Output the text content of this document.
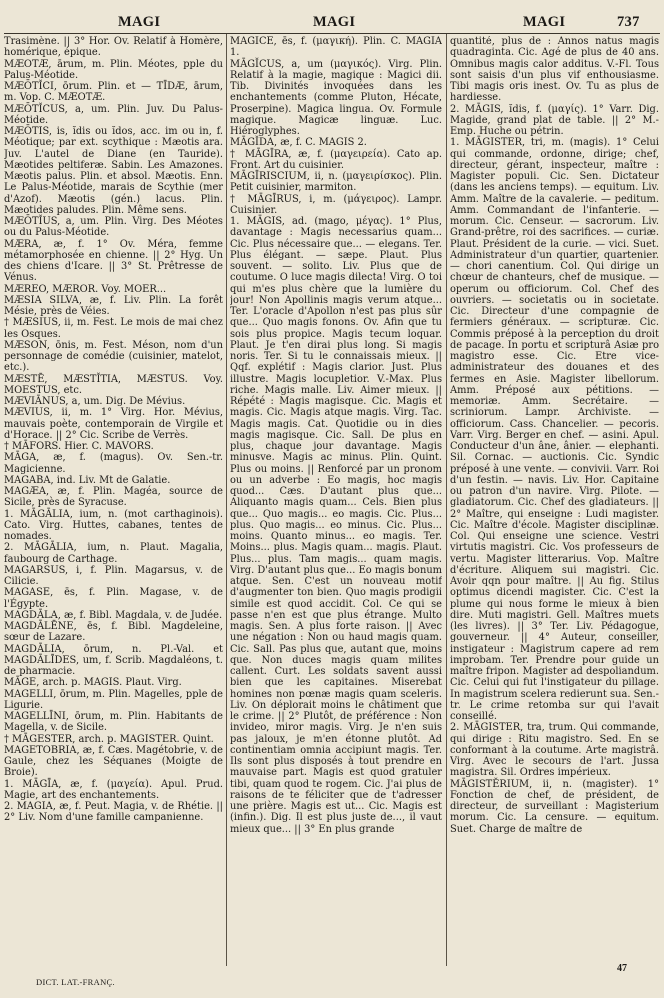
MAGI	MAGI	MAGI	737

Trasimène. || 3° Hor. Ov. Relatif à Homère, homérique, épique.

MÆOTÆ, ārum, m. Plin. Méotes, pple du Palus-Méotide.

MÆŌTĬCI, ōrum. Plin. et — TĪDÆ, ārum, m. Vop. C. MÆOTÆ.

MÆŌTĬCUS, a, um. Plin. Juv. Du Palus-Méotide.

MÆŌTIS, is, ĭdis ou ĭdos, acc. im ou in, f. Méotique; par ext. scythique : Mæotis ara. Juv. L'autel de Diane (en Tauride). Mæotides peltiferæ. Sabin. Les Amazones. Mæotis palus. Plin. et absol. Mæotis. Enn. Le Palus-Méotide, marais de Scythie (mer d'Azof). Mæotis (gén.) lacus. Plin. Mæotides paludes. Plin. Même sens.

MÆŌTĬUS, a, um. Plin. Virg. Des Méotes ou du Palus-Méotide.

MÆRA, æ, f. 1° Ov. Méra, femme métamorphosée en chienne. || 2° Hyg. Un des chiens d'Icare. || 3° St. Prêtresse de Vénus.

MÆREO, MÆROR. Voy. MOER...

MÆSIA SILVA, æ, f. Liv. Plin. La forêt Mésie, près de Véies.

† MÆSIUS, ii, m. Fest. Le mois de mai chez les Osques.

MÆSON, ōnis, m. Fest. Méson, nom d'un personnage de comédie (cuisinier, matelot, etc.).

MÆSTĒ, MÆSTĬTIA, MÆSTUS. Voy. MOESTUS, etc.

MÆVIĀNUS, a, um. Dig. De Mévius.

MÆVIUS, ii, m. 1° Virg. Hor. Mévius, mauvais poète, contemporain de Virgile et d'Horace. || 2° Cic. Scribe de Verrès.

† MĀFORS. Hier. C. MAVORS.

MĀGA, æ, f. (magus). Ov. Sen.-tr. Magicienne.

MAGABA, ind. Liv. Mt de Galatie.

MAGÆA, æ, f. Plin. Magéa, source de Sicile, près de Syracuse.

1. MĀGĀLIA, ium, n. (mot carthaginois). Cato. Virg. Huttes, cabanes, tentes de nomades.

2. MĀGĀLIA, ium, n. Plaut. Magalia, faubourg de Carthage.

MAGARSUS, i, f. Plin. Magarsus, v. de Cilicie.

MAGASE, ēs, f. Plin. Magase, v. de l'Égypte.

MAGDĀLA, æ, f. Bibl. Magdala, v. de Judée.

MAGDĀLĒNE, ēs, f. Bibl. Magdeleine, sœur de Lazare.

MAGDĀLIA, ōrum, n. Pl.-Val. et MAGDĀLĪDES, um, f. Scrib. Magdaléons, t. de pharmacie.

MĀGE, arch. p. MAGIS. Plaut. Virg.

MAGELLI, ōrum, m. Plin. Magelles, pple de Ligurie.

MAGELLĪNI, ōrum, m. Plin. Habitants de Magella, v. de Sicile.

† MĀGESTER, arch. p. MAGISTER. Quint.

MAGETOBRIA, æ, f. Cæs. Magétobrie, v. de Gaule, chez les Séquanes (Moigte de Broie).

1. MĀGĪA, æ, f. (μαγεία). Apul. Prud. Magie, art des enchantements.

2. MAGIA, æ, f. Peut. Magia, v. de Rhétie. || 2° Liv. Nom d'une famille campanienne.

MĀGĬCE, ēs, f. (μαγική). Plin. C. MAGIA 1.

MĀGĬCUS, a, um (μαγικός). Virg. Plin. Relatif à la magie, magique : Magici dii. Tib. Divinités invoquées dans les enchantements (comme Pluton, Hécate, Proserpine). Magica lingua. Ov. Formule magique. Magicæ linguæ. Luc. Hiéroglyphes.

MĀGĬDA, æ, f. C. MAGIS 2.

† MĀGĪRA, æ, f. (μαγειρεία). Cato ap. Front. Art du cuisinier.

MĀGĪRISCIUM, ii, n. (μαγειρίσκος). Plin. Petit cuisinier, marmiton.

† MĀGĪRUS, i, m. (μάγειρος). Lampr. Cuisinier.

1. MĀGIS, ad. (mago, μέγας). 1° Plus, davantage : Magis necessarius quam... Cic. Plus nécessaire que... — elegans. Ter. Plus élégant. — sæpe. Plaut. Plus souvent. — solito. Liv. Plus que de coutume. O luce magis dilecta! Virg. O toi qui m'es plus chère que la lumière du jour! Non Apollinis magis verum atque... Ter. L'oracle d'Apollon n'est pas plus sûr que... Quo magis fonons. Ov. Afin que tu sois plus propice. Magis tecum loquar. Plaut. Je t'en dirai plus long. Si magis noris. Ter. Si tu le connaissais mieux. || Qqf. explétif : Magis clarior. Just. Plus illustre. Magis locupletior. V.-Max. Plus riche. Magis malle. Liv. Aimer mieux. || Répété : Magis magisque. Cic. Magis et magis. Cic. Magis atque magis. Virg. Tac. Magis magis. Cat. Quotidie ou in dies magis magisque. Cic. Sall. De plus en plus, chaque jour davantage. Magis minusve. Magis ac minus. Plin. Quint. Plus ou moins. || Renforcé par un pronom ou un adverbe : Eo magis, hoc magis quod... Cæs. D'autant plus que... Aliquanto magis quam... Cels. Bien plus que... Quo magis... eo magis. Cic. Plus... plus. Quo magis... eo minus. Cic. Plus... moins. Quanto minus... eo magis. Ter. Moins... plus. Magis quam... magis. Plaut. Plus... plus. Tam magis... quam magis. Virg. D'autant plus que... Eo magis bonum atque. Sen. C'est un nouveau motif d'augmenter ton bien. Quo magis prodigii simile est quod accidit. Col. Ce qui se passe n'en est que plus étrange. Multo magis. Sen. A plus forte raison. || Avec une négation : Non ou haud magis quam. Cic. Sall. Pas plus que, autant que, moins que. Non duces magis quam milites callent. Curt. Les soldats savent aussi bien que les capitaines. Miserebat homines non pœnæ magis quam sceleris. Liv. On déplorait moins le châtiment que le crime. || 2° Plutôt, de préférence : Non invideo, miror magis. Virg. Je n'en suis pas jaloux, je m'en étonne plutôt. Ad continentiam omnia accipiunt magis. Ter. Ils sont plus disposés à tout prendre en mauvaise part. Magis est quod gratuler tibi, quam quod te rogem. Cic. J'ai plus de raisons de te féliciter que de t'adresser une prière. Magis est ut... Cic. Magis est (infin.). Dig. Il est plus juste de..., il vaut mieux que... || 3° En plus grande

quantité, plus de : Annos natus magis quadraginta. Cic. Agé de plus de 40 ans. Omnibus magis calor additus. V.-Fl. Tous sont saisis d'un plus vif enthousiasme. Tibi magis oris inest. Ov. Tu as plus de hardiesse.

2. MĀGIS, ĭdis, f. (μαγίς). 1° Varr. Dig. Magide, grand plat de table. || 2° M.-Emp. Huche ou pétrin.

1. MĀGISTER, tri, m. (magis). 1° Celui qui commande, ordonne, dirige; chef, directeur, gérant, inspecteur, maître : Magister populi. Cic. Sen. Dictateur (dans les anciens temps). — equitum. Liv. Amm. Maître de la cavalerie. — peditum. Amm. Commandant de l'infanterie. — morum. Cic. Censeur. — sacrorum. Liv. Grand-prêtre, roi des sacrifices. — curiæ. Plaut. Président de la curie. — vici. Suet. Administrateur d'un quartier, quartenier. — chori canentium. Col. Qui dirige un chœur de chanteurs, chef de musique. — operum ou officiorum. Col. Chef des ouvriers. — societatis ou in societate. Cic. Directeur d'une compagnie de fermiers généraux. — scripturæ. Cic. Commis préposé à la perception du droit de pacage. In portu et scripturâ Asiæ pro magistro esse. Cic. Etre vice-administrateur des douanes et des fermes en Asie. Magister libellorum. Amm. Préposé aux pétitions. — memoriæ. Amm. Secrétaire. — scriniorum. Lampr. Archiviste. — officiorum. Cass. Chancelier. — pecoris. Varr. Virg. Berger en chef. — asini. Apul. Conducteur d'un âne, ânier. — elephanti. Sil. Cornac. — auctionis. Cic. Syndic préposé à une vente. — convivii. Varr. Roi d'un festin. — navis. Liv. Hor. Capitaine ou patron d'un navire. Virg. Pilote. — gladiatorum. Cic. Chef des gladiateurs. || 2° Maître, qui enseigne : Ludi magister. Cic. Maître d'école. Magister disciplinæ. Col. Qui enseigne une science. Vestri virtutis magistri. Cic. Vos professeurs de vertu. Magister litterarius. Vop. Maître d'écriture. Aliquem sui magistri. Cic. Avoir qqn pour maître. || Au fig. Stilus optimus dicendi magister. Cic. C'est la plume qui nous forme le mieux à bien dire. Muti magistri. Gell. Maîtres muets (les livres). || 3° Ter. Liv. Pédagogue, gouverneur. || 4° Auteur, conseiller, instigateur : Magistrum capere ad rem improbam. Ter. Prendre pour guide un maître fripon. Magister ad despoliandum. Cic. Celui qui fut l'instigateur du pillage. In magistrum scelera redierunt sua. Sen.-tr. Le crime retomba sur qui l'avait conseillé.

2. MĀGISTER, tra, trum. Qui commande, qui dirige : Ritu magistro. Sed. En se conformant à la coutume. Arte magistrâ. Virg. Avec le secours de l'art. Jussa magistra. Sil. Ordres impérieux.

MĀGISTĔRIUM, ii, n. (magister). 1° Fonction de chef, de président, de directeur, de surveillant : Magisterium morum. Cic. La censure. — equitum. Suet. Charge de maître de

DICT. LAT.-FRANÇ.
47
